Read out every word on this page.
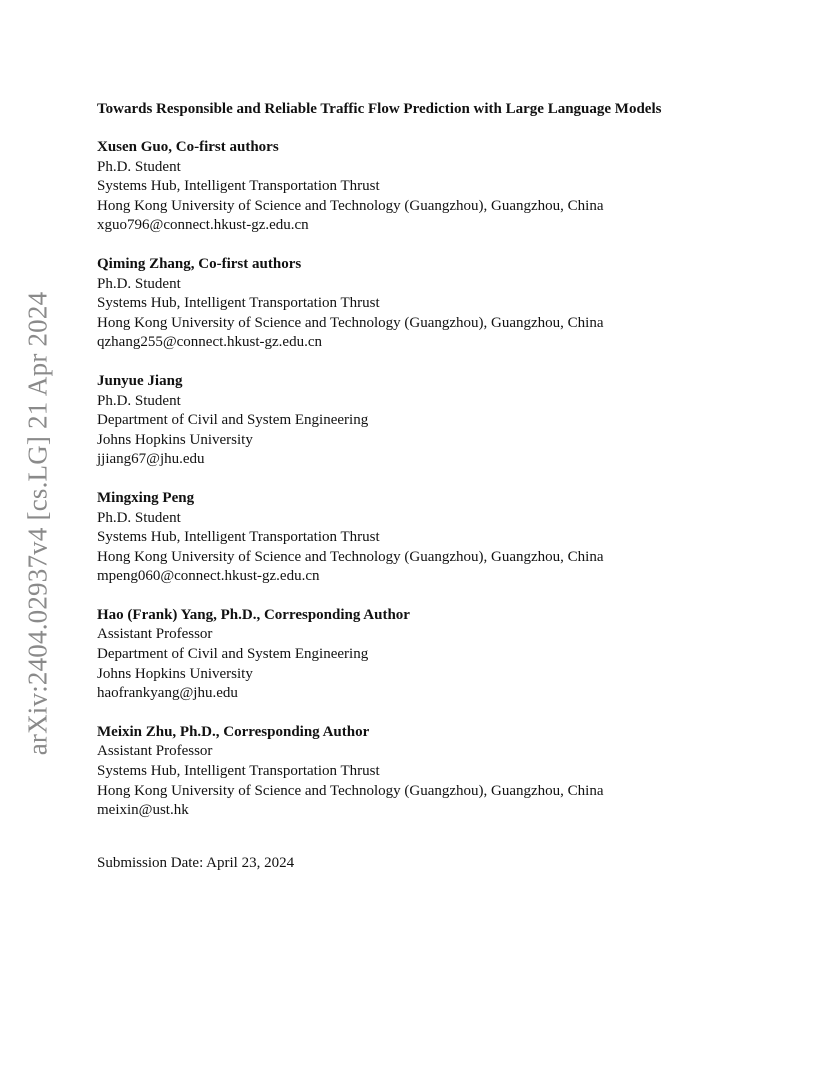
arXiv:2404.02937v4 [cs.LG] 21 Apr 2024
Towards Responsible and Reliable Traffic Flow Prediction with Large Language Models
Xusen Guo, Co-first authors
Ph.D. Student
Systems Hub, Intelligent Transportation Thrust
Hong Kong University of Science and Technology (Guangzhou), Guangzhou, China
xguo796@connect.hkust-gz.edu.cn
Qiming Zhang, Co-first authors
Ph.D. Student
Systems Hub, Intelligent Transportation Thrust
Hong Kong University of Science and Technology (Guangzhou), Guangzhou, China
qzhang255@connect.hkust-gz.edu.cn
Junyue Jiang
Ph.D. Student
Department of Civil and System Engineering
Johns Hopkins University
jjiang67@jhu.edu
Mingxing Peng
Ph.D. Student
Systems Hub, Intelligent Transportation Thrust
Hong Kong University of Science and Technology (Guangzhou), Guangzhou, China
mpeng060@connect.hkust-gz.edu.cn
Hao (Frank) Yang, Ph.D., Corresponding Author
Assistant Professor
Department of Civil and System Engineering
Johns Hopkins University
haofrankyang@jhu.edu
Meixin Zhu, Ph.D., Corresponding Author
Assistant Professor
Systems Hub, Intelligent Transportation Thrust
Hong Kong University of Science and Technology (Guangzhou), Guangzhou, China
meixin@ust.hk
Submission Date: April 23, 2024
